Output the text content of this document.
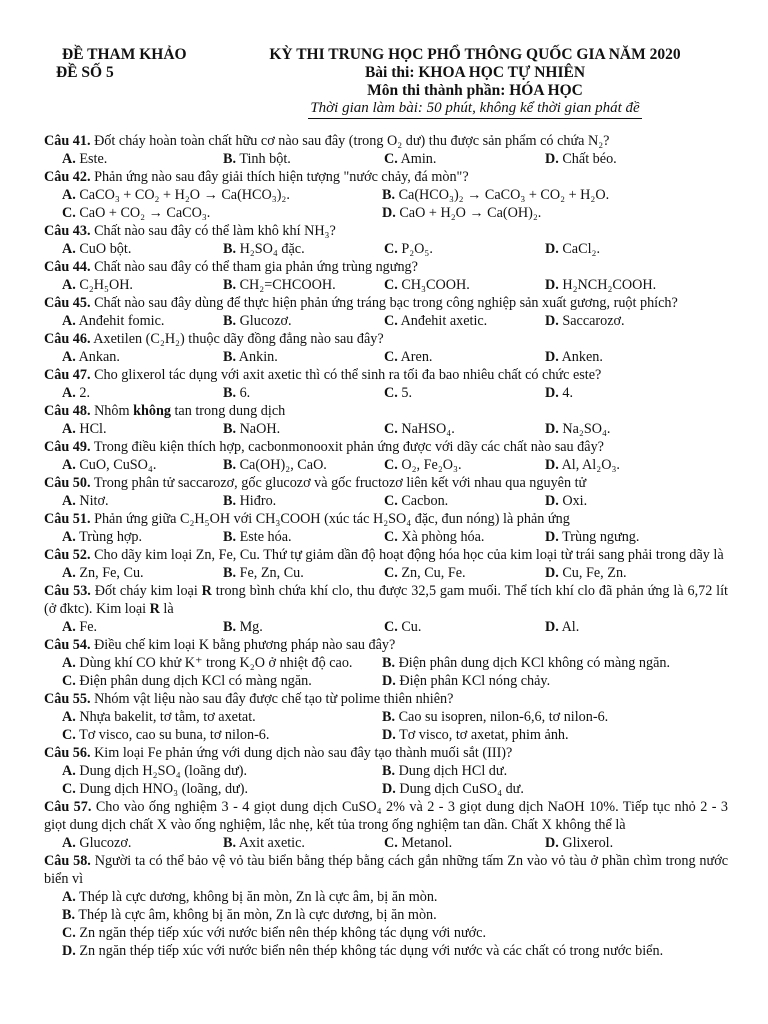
ĐỀ THAM KHẢO
ĐỀ SỐ 5
KỲ THI TRUNG HỌC PHỔ THÔNG QUỐC GIA NĂM 2020
Bài thi: KHOA HỌC TỰ NHIÊN
Môn thi thành phần: HÓA HỌC
Thời gian làm bài: 50 phút, không kể thời gian phát đề
Câu 41. Đốt cháy hoàn toàn chất hữu cơ nào sau đây (trong O₂ dư) thu được sản phẩm có chứa N₂?
A. Este.	B. Tinh bột.	C. Amin.	D. Chất béo.
Câu 42. Phản ứng nào sau đây giải thích hiện tượng "nước chảy, đá mòn"?
A. CaCO₃ + CO₂ + H₂O → Ca(HCO₃)₂.	B. Ca(HCO₃)₂ → CaCO₃ + CO₂ + H₂O.
C. CaO + CO₂ → CaCO₃.	D. CaO + H₂O → Ca(OH)₂.
Câu 43. Chất nào sau đây có thể làm khô khí NH₃?
A. CuO bột.	B. H₂SO₄ đặc.	C. P₂O₅.	D. CaCl₂.
Câu 44. Chất nào sau đây có thể tham gia phản ứng trùng ngưng?
A. C₂H₅OH.	B. CH₂=CHCOOH.	C. CH₃COOH.	D. H₂NCH₂COOH.
Câu 45. Chất nào sau đây dùng để thực hiện phản ứng tráng bạc trong công nghiệp sản xuất gương, ruột phích?
A. Anđehit fomic.	B. Glucozơ.	C. Anđehit axetic.	D. Saccarozơ.
Câu 46. Axetilen (C₂H₂) thuộc dãy đồng đẳng nào sau đây?
A. Ankan.	B. Ankin.	C. Aren.	D. Anken.
Câu 47. Cho glixerol tác dụng với axit axetic thì có thể sinh ra tối đa bao nhiêu chất có chức este?
A. 2.	B. 6.	C. 5.	D. 4.
Câu 48. Nhôm không tan trong dung dịch
A. HCl.	B. NaOH.	C. NaHSO₄.	D. Na₂SO₄.
Câu 49. Trong điều kiện thích hợp, cacbonmonooxit phản ứng được với dãy các chất nào sau đây?
A. CuO, CuSO₄.	B. Ca(OH)₂, CaO.	C. O₂, Fe₂O₃.	D. Al, Al₂O₃.
Câu 50. Trong phân tử saccarozơ, gốc glucozơ và gốc fructozơ liên kết với nhau qua nguyên tử
A. Nitơ.	B. Hiđro.	C. Cacbon.	D. Oxi.
Câu 51. Phản ứng giữa C₂H₅OH với CH₃COOH (xúc tác H₂SO₄ đặc, đun nóng) là phản ứng
A. Trùng hợp.	B. Este hóa.	C. Xà phòng hóa.	D. Trùng ngưng.
Câu 52. Cho dãy kim loại Zn, Fe, Cu. Thứ tự giảm dần độ hoạt động hóa học của kim loại từ trái sang phải trong dãy là
A. Zn, Fe, Cu.	B. Fe, Zn, Cu.	C. Zn, Cu, Fe.	D. Cu, Fe, Zn.
Câu 53. Đốt cháy kim loại R trong bình chứa khí clo, thu được 32,5 gam muối. Thể tích khí clo đã phản ứng là 6,72 lít (ở đktc). Kim loại R là
A. Fe.	B. Mg.	C. Cu.	D. Al.
Câu 54. Điều chế kim loại K bằng phương pháp nào sau đây?
A. Dùng khí CO khử K⁺ trong K₂O ở nhiệt độ cao.	B. Điện phân dung dịch KCl không có màng ngăn.
C. Điện phân dung dịch KCl có màng ngăn.	D. Điện phân KCl nóng chảy.
Câu 55. Nhóm vật liệu nào sau đây được chế tạo từ polime thiên nhiên?
A. Nhựa bakelit, tơ tằm, tơ axetat.	B. Cao su isopren, nilon-6,6, tơ nilon-6.
C. Tơ visco, cao su buna, tơ nilon-6.	D. Tơ visco, tơ axetat, phim ảnh.
Câu 56. Kim loại Fe phản ứng với dung dịch nào sau đây tạo thành muối sắt (III)?
A. Dung dịch H₂SO₄ (loãng dư).	B. Dung dịch HCl dư.
C. Dung dịch HNO₃ (loãng, dư).	D. Dung dịch CuSO₄ dư.
Câu 57. Cho vào ống nghiệm 3 - 4 giọt dung dịch CuSO₄ 2% và 2 - 3 giọt dung dịch NaOH 10%. Tiếp tục nhỏ 2 - 3 giọt dung dịch chất X vào ống nghiệm, lắc nhẹ, kết tủa trong ống nghiệm tan dần. Chất X không thể là
A. Glucozơ.	B. Axit axetic.	C. Metanol.	D. Glixerol.
Câu 58. Người ta có thể bảo vệ vỏ tàu biển bằng thép bằng cách gắn những tấm Zn vào vỏ tàu ở phần chìm trong nước biển vì
A. Thép là cực dương, không bị ăn mòn, Zn là cực âm, bị ăn mòn.
B. Thép là cực âm, không bị ăn mòn, Zn là cực dương, bị ăn mòn.
C. Zn ngăn thép tiếp xúc với nước biển nên thép không tác dụng với nước.
D. Zn ngăn thép tiếp xúc với nước biển nên thép không tác dụng với nước và các chất có trong nước biển.
